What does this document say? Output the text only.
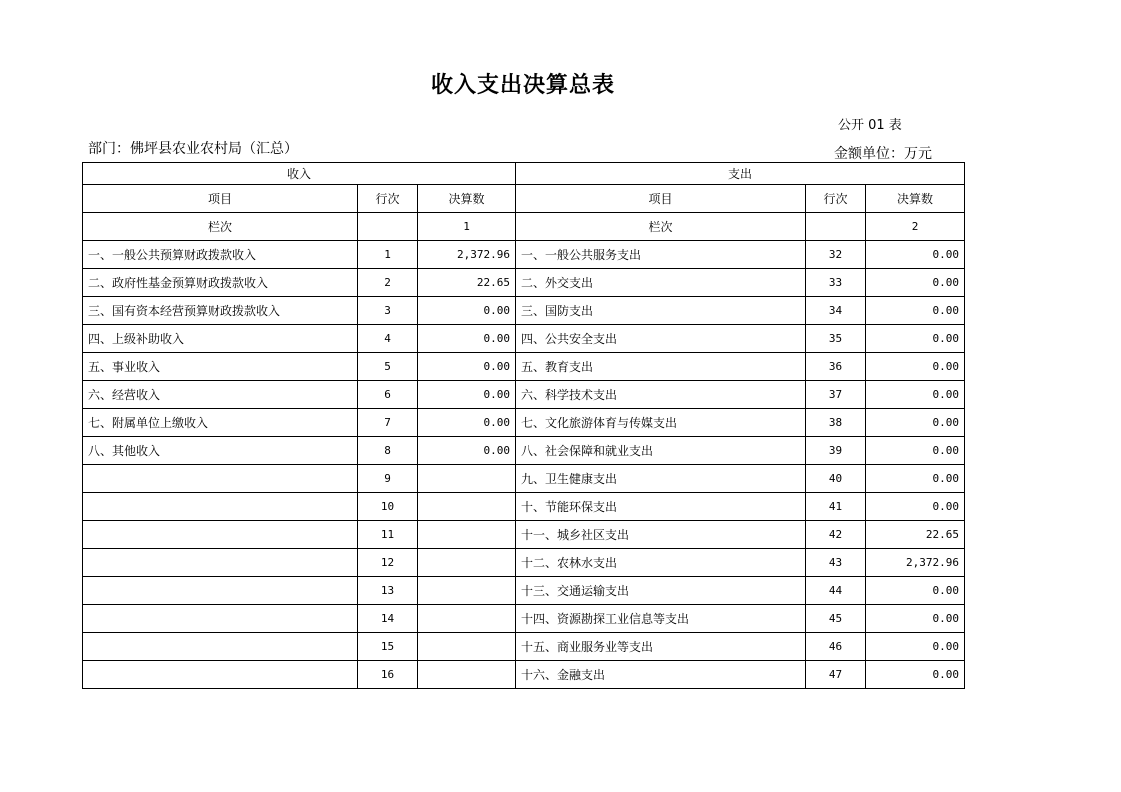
收入支出决算总表
公开 01 表
部门：佛坪县农业农村局（汇总）	金额单位：万元
收入			支出		
项目	行次	决算数	项目	行次	决算数
栏次		1	栏次		2
一、一般公共预算财政拨款收入	1	2,372.96	一、一般公共服务支出	32	0.00
二、政府性基金预算财政拨款收入	2	22.65	二、外交支出	33	0.00
三、国有资本经营预算财政拨款收入	3	0.00	三、国防支出	34	0.00
四、上级补助收入	4	0.00	四、公共安全支出	35	0.00
五、事业收入	5	0.00	五、教育支出	36	0.00
六、经营收入	6	0.00	六、科学技术支出	37	0.00
七、附属单位上缴收入	7	0.00	七、文化旅游体育与传媒支出	38	0.00
八、其他收入	8	0.00	八、社会保障和就业支出	39	0.00
	9		九、卫生健康支出	40	0.00
	10		十、节能环保支出	41	0.00
	11		十一、城乡社区支出	42	22.65
	12		十二、农林水支出	43	2,372.96
	13		十三、交通运输支出	44	0.00
	14		十四、资源勘探工业信息等支出	45	0.00
	15		十五、商业服务业等支出	46	0.00
	16		十六、金融支出	47	0.00
